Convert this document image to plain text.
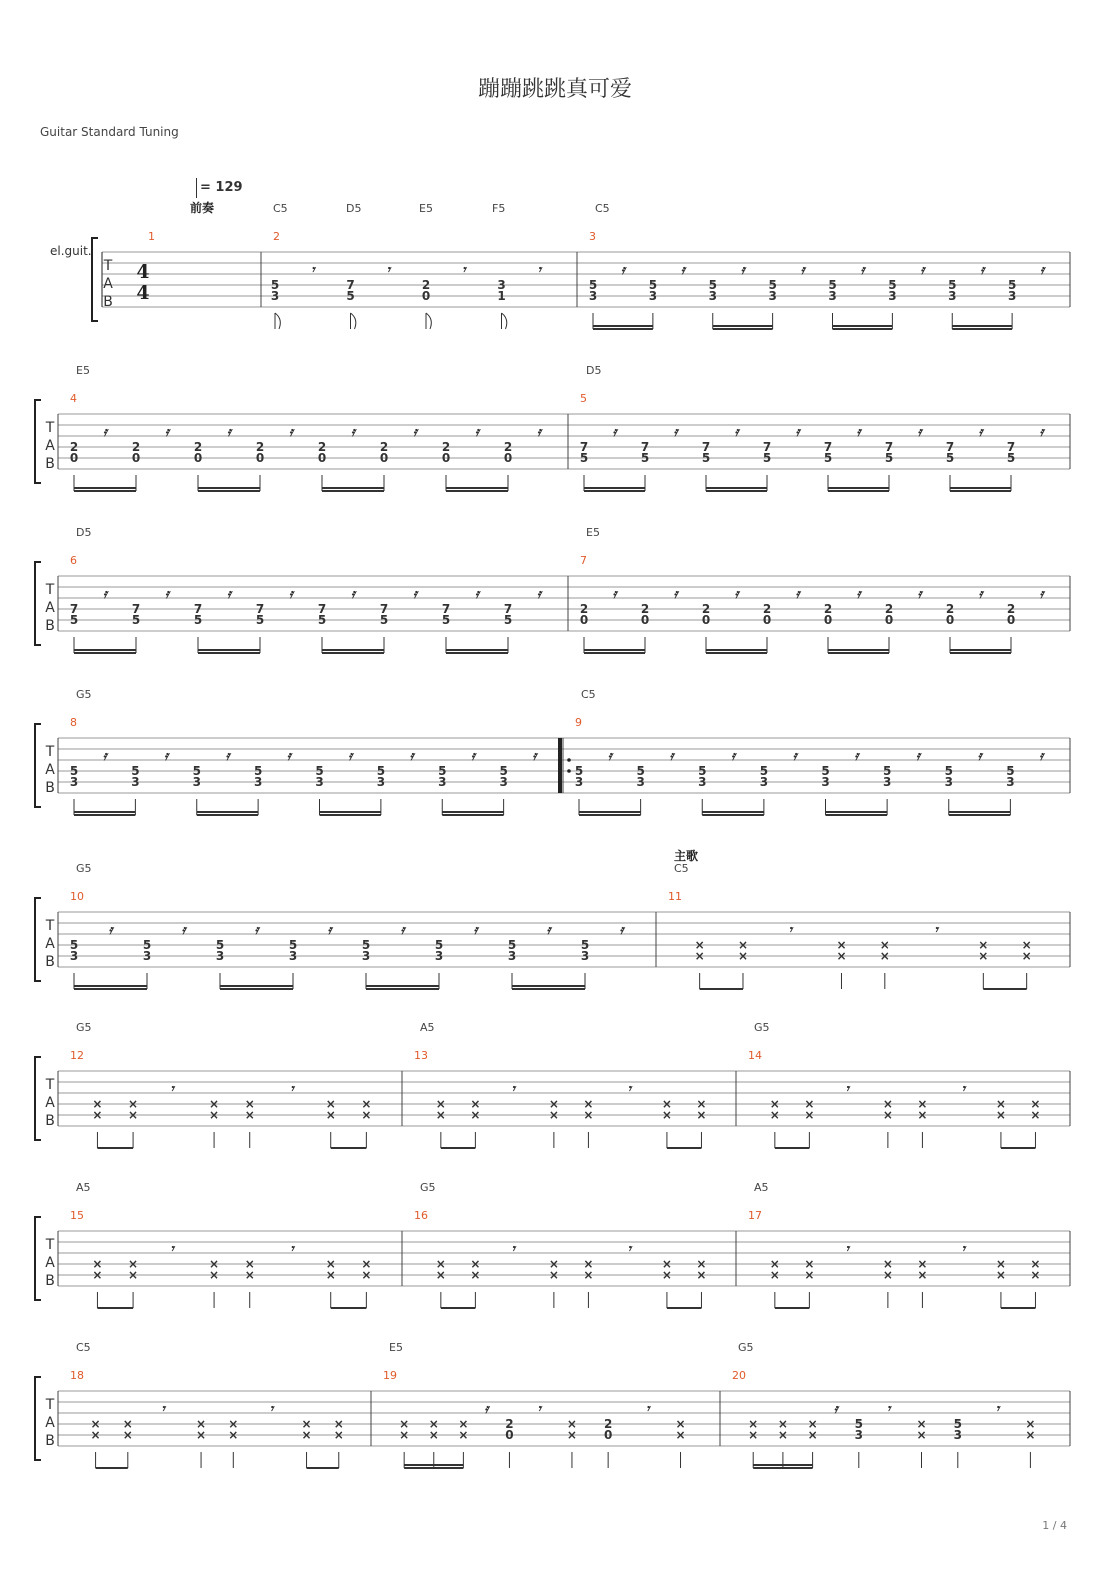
蹦蹦跳跳真可爱
Guitar Standard Tuning
= 129
el.guit.
1 / 4
T
A
B
1
4
4
2
C5	D5	E5	F5
5
3
𝄾
7
5
𝄾
2
0
𝄾
3
1
𝄾
3
C5
5
3
𝄿
5
3
𝄿
5
3
𝄿
5
3
𝄿
5
3
𝄿
5
3
𝄿
5
3
𝄿
5
3
𝄿
T
A
B
4
E5
2
0
𝄿
2
0
𝄿
2
0
𝄿
2
0
𝄿
2
0
𝄿
2
0
𝄿
2
0
𝄿
2
0
𝄿
5
D5
7
5
𝄿
7
5
𝄿
7
5
𝄿
7
5
𝄿
7
5
𝄿
7
5
𝄿
7
5
𝄿
7
5
𝄿
T
A
B
6
D5
7
5
𝄿
7
5
𝄿
7
5
𝄿
7
5
𝄿
7
5
𝄿
7
5
𝄿
7
5
𝄿
7
5
𝄿
7
E5
2
0
𝄿
2
0
𝄿
2
0
𝄿
2
0
𝄿
2
0
𝄿
2
0
𝄿
2
0
𝄿
2
0
𝄿
T
A
B
8
G5
5
3
𝄿
5
3
𝄿
5
3
𝄿
5
3
𝄿
5
3
𝄿
5
3
𝄿
5
3
𝄿
5
3
𝄿
9
C5
5
3
𝄿
5
3
𝄿
5
3
𝄿
5
3
𝄿
5
3
𝄿
5
3
𝄿
5
3
𝄿
5
3
𝄿
T
A
B
10
G5
5
3
𝄿
5
3
𝄿
5
3
𝄿
5
3
𝄿
5
3
𝄿
5
3
𝄿
5
3
𝄿
5
3
𝄿
11
C5
×
×
×
×
×
×
×
×
×
×
×
×
𝄾	𝄾
T
A
B
12
G5
×
×
×
×
×
×
×
×
×
×
×
×
𝄾	𝄾
13
A5
×
×
×
×
×
×
×
×
×
×
×
×
𝄾	𝄾
14
G5
×
×
×
×
×
×
×
×
×
×
×
×
𝄾	𝄾
T
A
B
15
A5
×
×
×
×
×
×
×
×
×
×
×
×
𝄾	𝄾
16
G5
×
×
×
×
×
×
×
×
×
×
×
×
𝄾	𝄾
17
A5
×
×
×
×
×
×
×
×
×
×
×
×
𝄾	𝄾
T
A
B
18
C5
×
×
×
×
×
×
×
×
×
×
×
×
𝄾	𝄾
19
E5
×
×
×
×
×
×
×
×
×
×
2
0
2
0
𝄿	𝄾	𝄾
20
G5
×
×
×
×
×
×
×
×
×
×
5
3
5
3
𝄿	𝄾	𝄾
前奏
主歌
